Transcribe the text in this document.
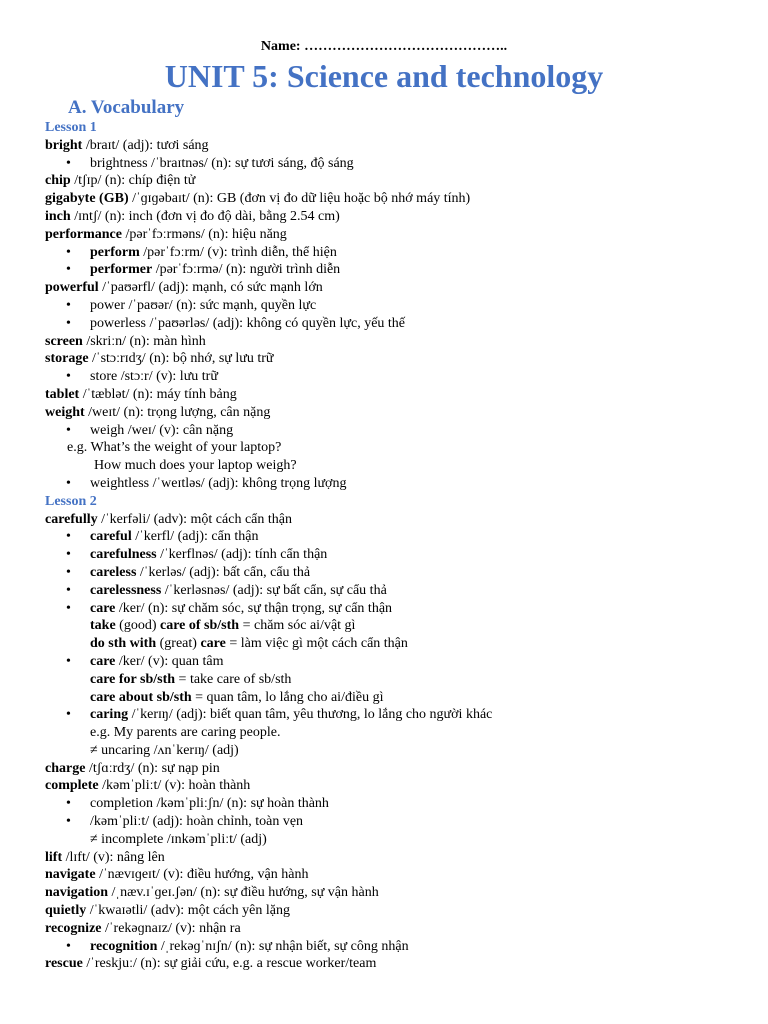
Name: ……………………………………..
UNIT 5: Science and technology
A. Vocabulary
Lesson 1
bright /braɪt/ (adj): tươi sáng
• brightness /ˈbraɪtnəs/ (n): sự tươi sáng, độ sáng
chip /tʃɪp/ (n): chíp điện tử
gigabyte (GB) /ˈɡɪɡəbaɪt/ (n): GB (đơn vị đo dữ liệu hoặc bộ nhớ máy tính)
inch /ɪntʃ/ (n): inch (đơn vị đo độ dài, bằng 2.54 cm)
performance /pərˈfɔːrməns/ (n): hiệu năng
• perform /pərˈfɔːrm/ (v): trình diễn, thể hiện
• performer /pərˈfɔːrmə/ (n): người trình diễn
powerful /ˈpaʊərfl/ (adj): mạnh, có sức mạnh lớn
• power /ˈpaʊər/ (n): sức mạnh, quyền lực
• powerless /ˈpaʊərləs/ (adj): không có quyền lực, yếu thế
screen /skriːn/ (n): màn hình
storage /ˈstɔːrɪdʒ/ (n): bộ nhớ, sự lưu trữ
• store /stɔːr/ (v): lưu trữ
tablet /ˈtæblət/ (n): máy tính bảng
weight /weɪt/ (n): trọng lượng, cân nặng
• weigh /weɪ/ (v): cân nặng
e.g. What’s the weight of your laptop?
How much does your laptop weigh?
• weightless /ˈweɪtləs/ (adj): không trọng lượng
Lesson 2
carefully /ˈkerfəli/ (adv): một cách cẩn thận
• careful /ˈkerfl/ (adj): cẩn thận
• carefulness /ˈkerflnəs/ (adj): tính cẩn thận
• careless /ˈkerləs/ (adj): bất cẩn, cẩu thả
• carelessness /ˈkerləsnəs/ (adj): sự bất cẩn, sự cẩu thả
• care /ker/ (n): sự chăm sóc, sự thận trọng, sự cẩn thận
take (good) care of sb/sth = chăm sóc ai/vật gì
do sth with (great) care = làm việc gì một cách cẩn thận
• care /ker/ (v): quan tâm
care for sb/sth = take care of sb/sth
care about sb/sth = quan tâm, lo lắng cho ai/điều gì
• caring /ˈkerɪŋ/ (adj): biết quan tâm, yêu thương, lo lắng cho người khác
e.g. My parents are caring people.
≠ uncaring /ʌnˈkerɪŋ/ (adj)
charge /tʃɑːrdʒ/ (n): sự nạp pin
complete /kəmˈpliːt/ (v): hoàn thành
• completion /kəmˈpliːʃn/ (n): sự hoàn thành
• /kəmˈpliːt/ (adj): hoàn chỉnh, toàn vẹn
≠ incomplete /ɪnkəmˈpliːt/ (adj)
lift /lɪft/ (v): nâng lên
navigate /ˈnævɪɡeɪt/ (v): điều hướng, vận hành
navigation /ˌnæv.ɪˈɡeɪ.ʃən/ (n): sự điều hướng, sự vận hành
quietly /ˈkwaɪətli/ (adv): một cách yên lặng
recognize /ˈrekəɡnaɪz/ (v): nhận ra
• recognition /ˌrekəɡˈnɪʃn/ (n): sự nhận biết, sự công nhận
rescue /ˈreskjuː/ (n): sự giải cứu, e.g. a rescue worker/team
